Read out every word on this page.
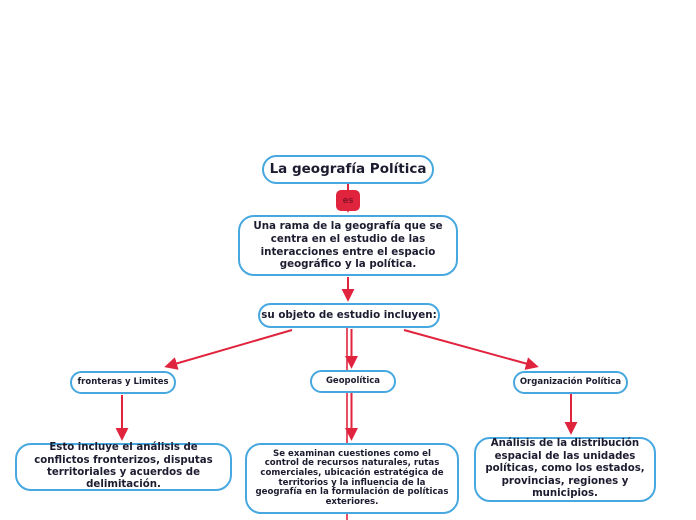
La geografía Política
es
Una rama de la geografía que se centra en el estudio de las interacciones entre el espacio geográfico y la política.
su objeto de estudio incluyen:
fronteras y Limites	Geopolítica	Organización Política
Esto incluye el análisis de conflictos fronterizos, disputas territoriales y acuerdos de delimitación.
Se examinan cuestiones como el control de recursos naturales, rutas comerciales, ubicación estratégica de territorios y la influencia de la geografía en la formulación de políticas exteriores.
Análisis de la distribución espacial de las unidades políticas, como los estados, provincias, regiones y municipios.
